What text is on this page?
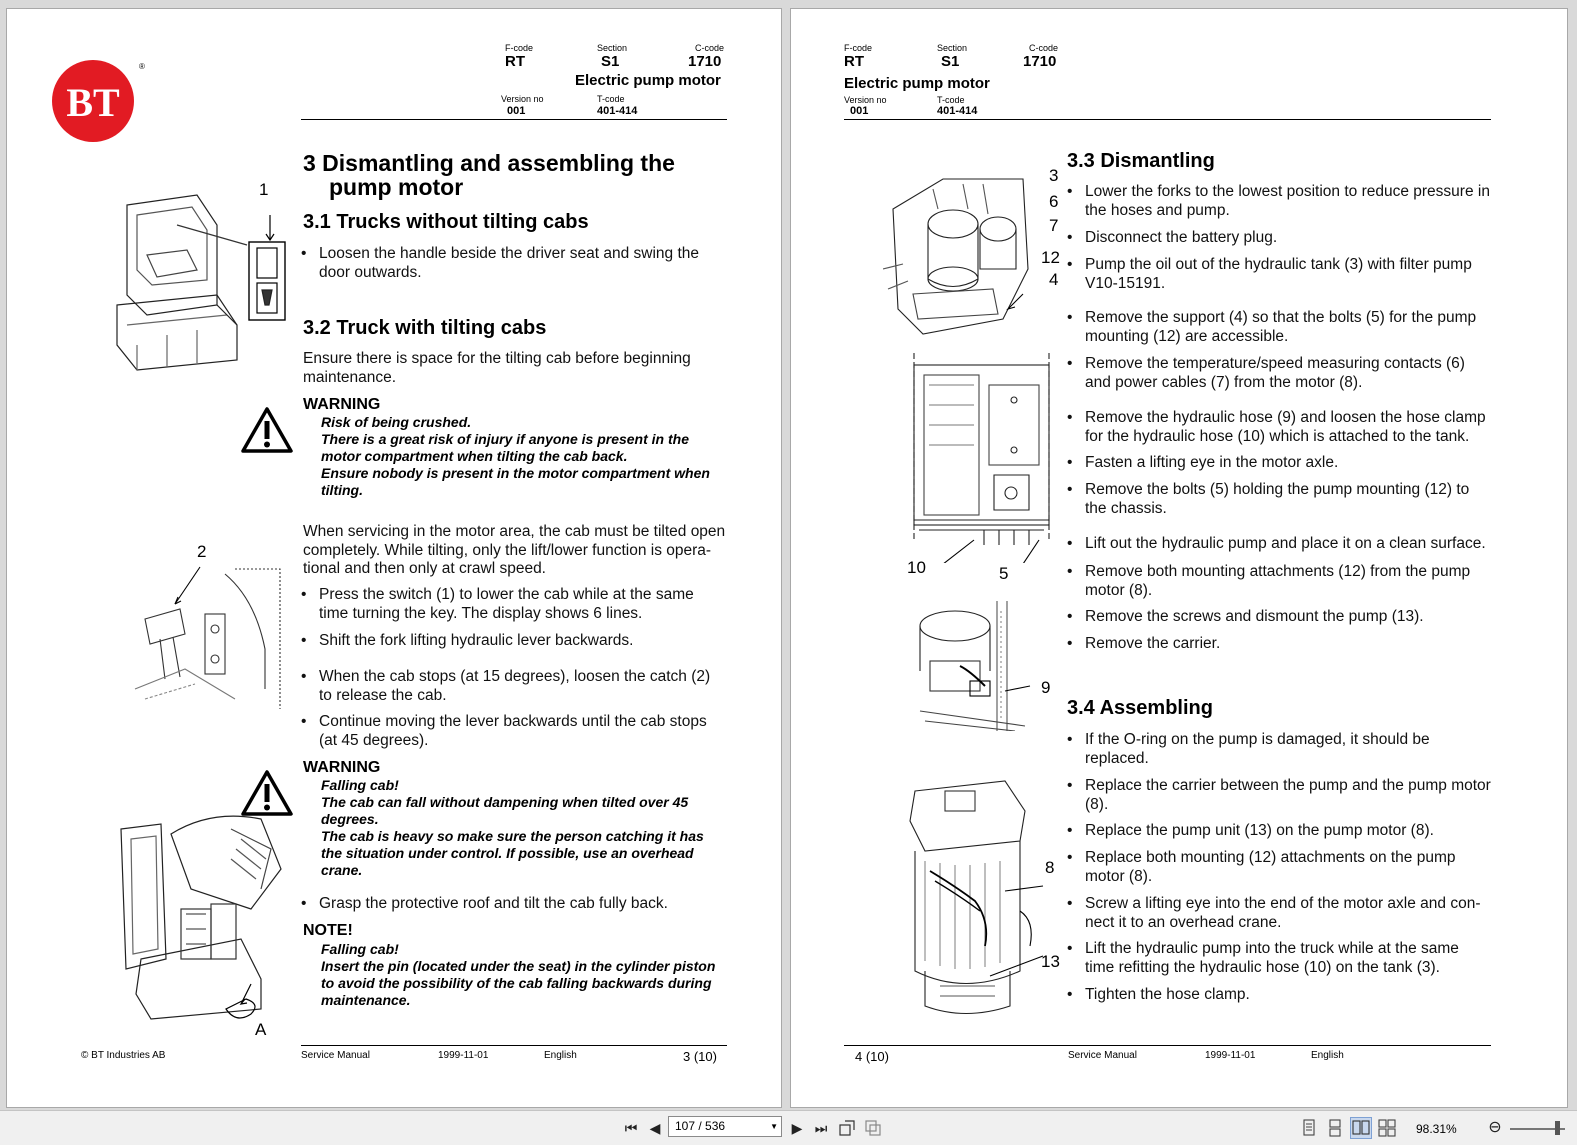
BT
®
F-code
RT
Section
S1
C-code
1710
Electric pump motor
Version no
001
T-code
401-414
3 Dismantling and assembling the
pump motor
3.1 Trucks without tilting cabs
• Loosen the handle beside the driver seat and swing the
door outwards.
3.2 Truck with tilting cabs
Ensure there is space for the tilting cab before beginning
maintenance.
WARNING
Risk of being crushed.
There is a great risk of injury if anyone is present in the
motor compartment when tilting the cab back.
Ensure nobody is present in the motor compartment when
tilting.
When servicing in the motor area, the cab must be tilted open
completely. While tilting, only the lift/lower function is opera-
tional and then only at crawl speed.
• Press the switch (1) to lower the cab while at the same
time turning the key. The display shows 6 lines.
• Shift the fork lifting hydraulic lever backwards.
• When the cab stops (at 15 degrees), loosen the catch (2)
to release the cab.
• Continue moving the lever backwards until the cab stops
(at 45 degrees).
WARNING
Falling cab!
The cab can fall without dampening when tilted over 45
degrees.
The cab is heavy so make sure the person catching it has
the situation under control. If possible, use an overhead
crane.
• Grasp the protective roof and tilt the cab fully back.
NOTE!
Falling cab!
Insert the pin (located under the seat) in the cylinder piston
to avoid the possibility of the cab falling backwards during
maintenance.
1
2
A
© BT Industries AB	Service Manual	1999-11-01	English	3 (10)
F-code
RT
Section
S1
C-code
1710
Electric pump motor
Version no
001
T-code
401-414
3.3 Dismantling
• Lower the forks to the lowest position to reduce pressure in
the hoses and pump.
• Disconnect the battery plug.
• Pump the oil out of the hydraulic tank (3) with filter pump
V10-15191.
• Remove the support (4) so that the bolts (5) for the pump
mounting (12) are accessible.
• Remove the temperature/speed measuring contacts (6)
and power cables (7) from the motor (8).
• Remove the hydraulic hose (9) and loosen the hose clamp
for the hydraulic hose (10) which is attached to the tank.
• Fasten a lifting eye in the motor axle.
• Remove the bolts (5) holding the pump mounting (12) to
the chassis.
• Lift out the hydraulic pump and place it on a clean surface.
• Remove both mounting attachments (12) from the pump
motor (8).
• Remove the screws and dismount the pump (13).
• Remove the carrier.
3.4 Assembling
• If the O-ring on the pump is damaged, it should be
replaced.
• Replace the carrier between the pump and the pump motor
(8).
• Replace the pump unit (13) on the pump motor (8).
• Replace both mounting (12) attachments on the pump
motor (8).
• Screw a lifting eye into the end of the motor axle and con-
nect it to an overhead crane.
• Lift the hydraulic pump into the truck while at the same
time refitting the hydraulic hose (10) on the tank (3).
• Tighten the hose clamp.
3
6
7
12
4
10	5
9
8
13
4 (10)	Service Manual	1999-11-01	English
⏮ ◀	107 / 536	▼ ▶ ⏭	98.31% ⊖
